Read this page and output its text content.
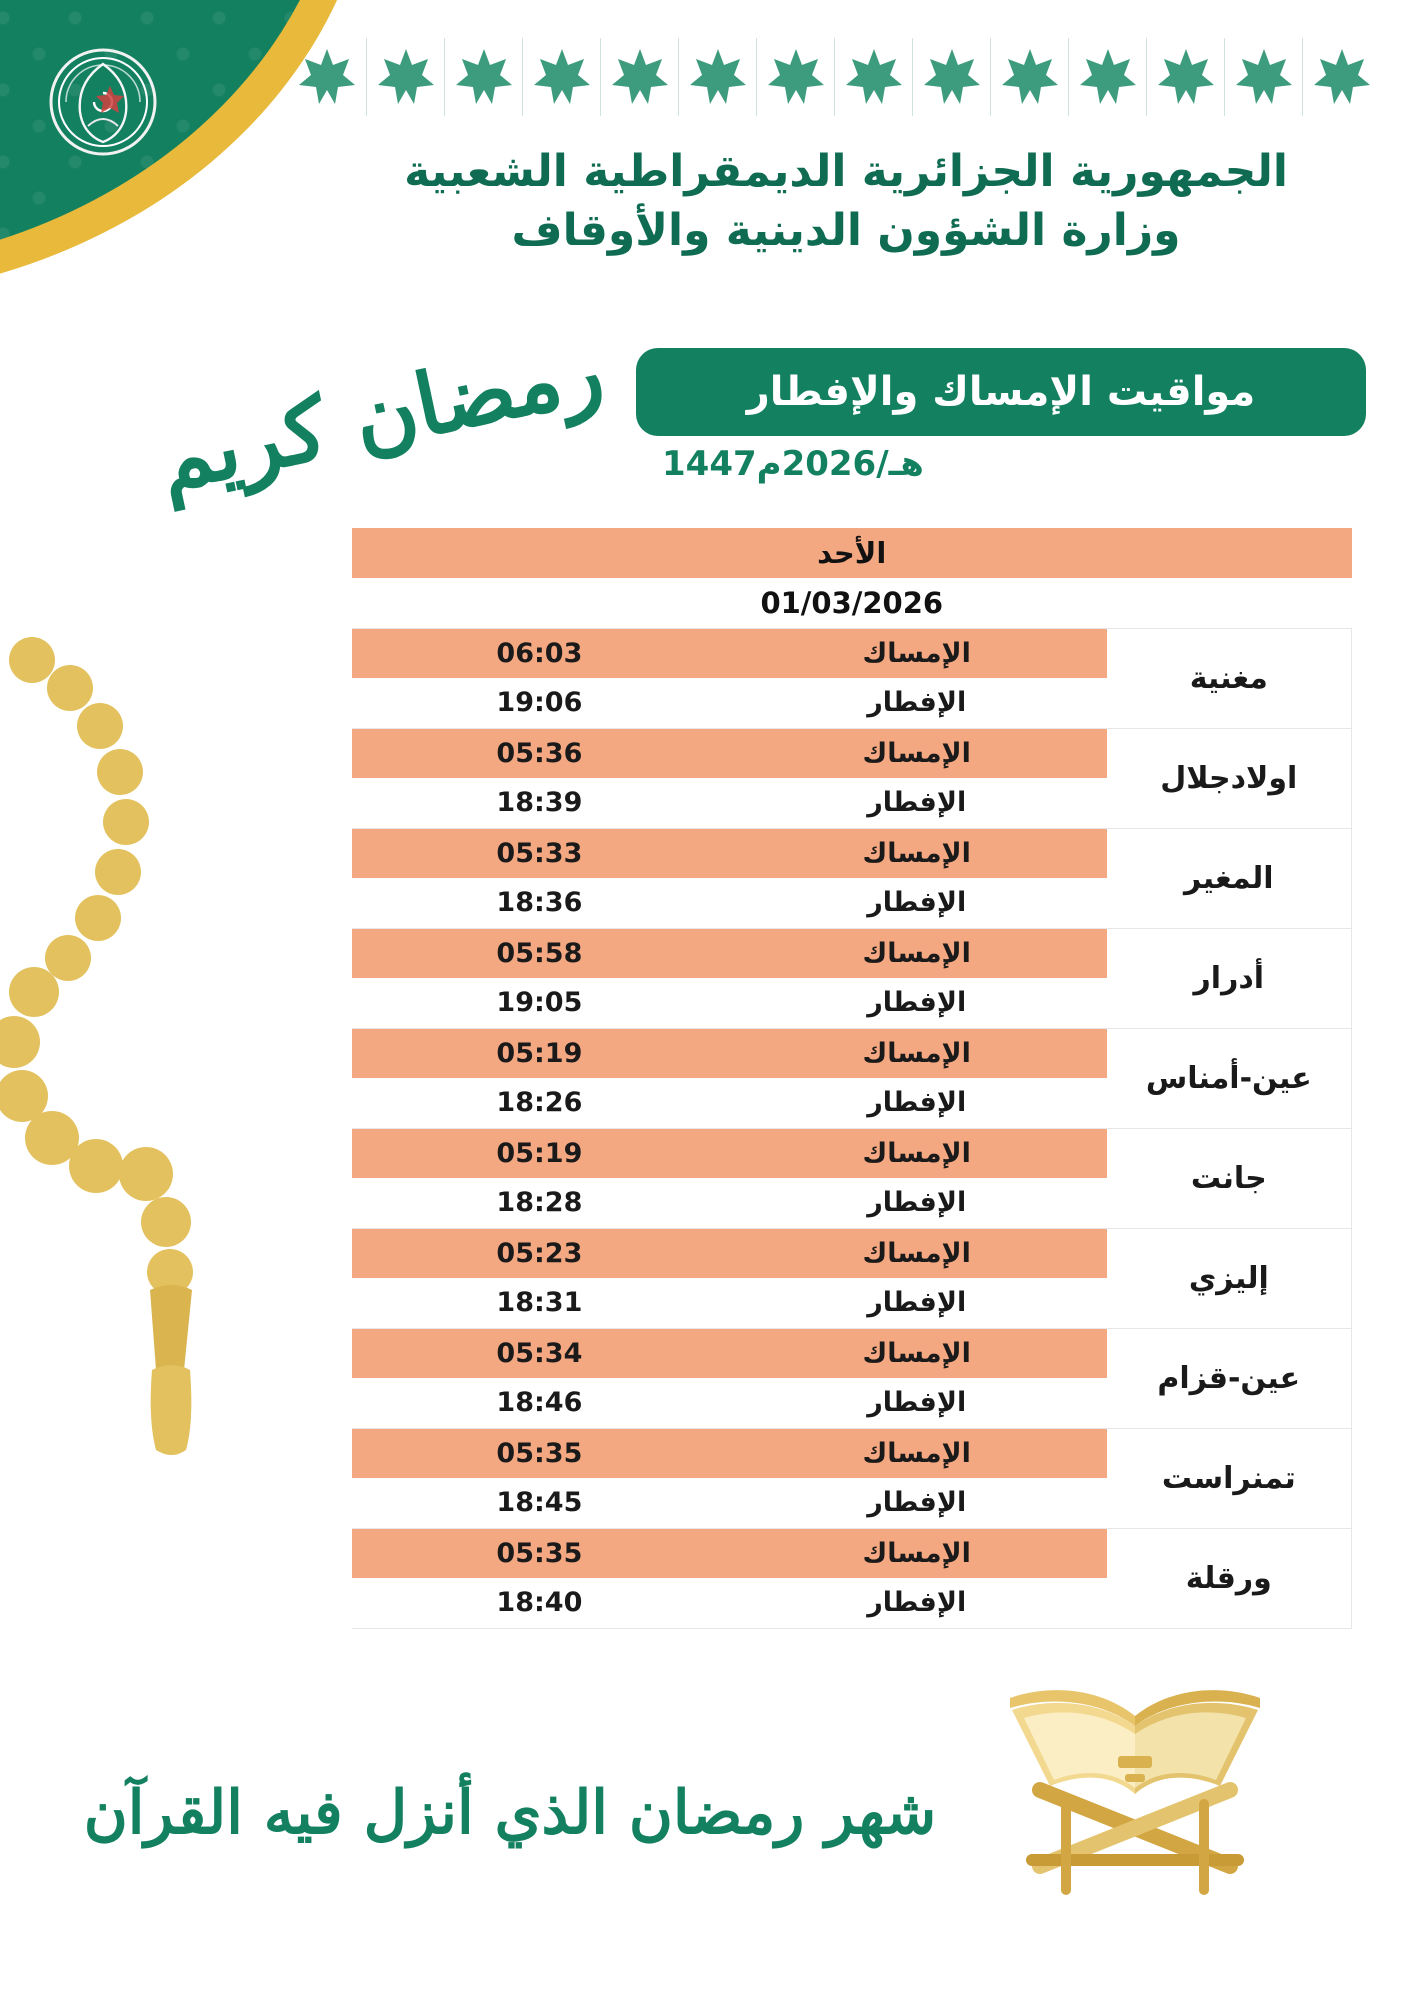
الجمهورية الجزائرية الديمقراطية الشعبية
وزارة الشؤون الدينية والأوقاف
رمضان كريم	مواقيت الإمساك والإفطار
1447هـ/2026م
الأحد		
01/03/2026		
مغنية	الإمساك	06:03
	الإفطار	19:06
اولادجلال	الإمساك	05:36
	الإفطار	18:39
المغير	الإمساك	05:33
	الإفطار	18:36
أدرار	الإمساك	05:58
	الإفطار	19:05
عين-أمناس	الإمساك	05:19
	الإفطار	18:26
جانت	الإمساك	05:19
	الإفطار	18:28
إليزي	الإمساك	05:23
	الإفطار	18:31
عين-قزام	الإمساك	05:34
	الإفطار	18:46
تمنراست	الإمساك	05:35
	الإفطار	18:45
ورقلة	الإمساك	05:35
	الإفطار	18:40
شهر رمضان الذي أنزل فيه القرآن
